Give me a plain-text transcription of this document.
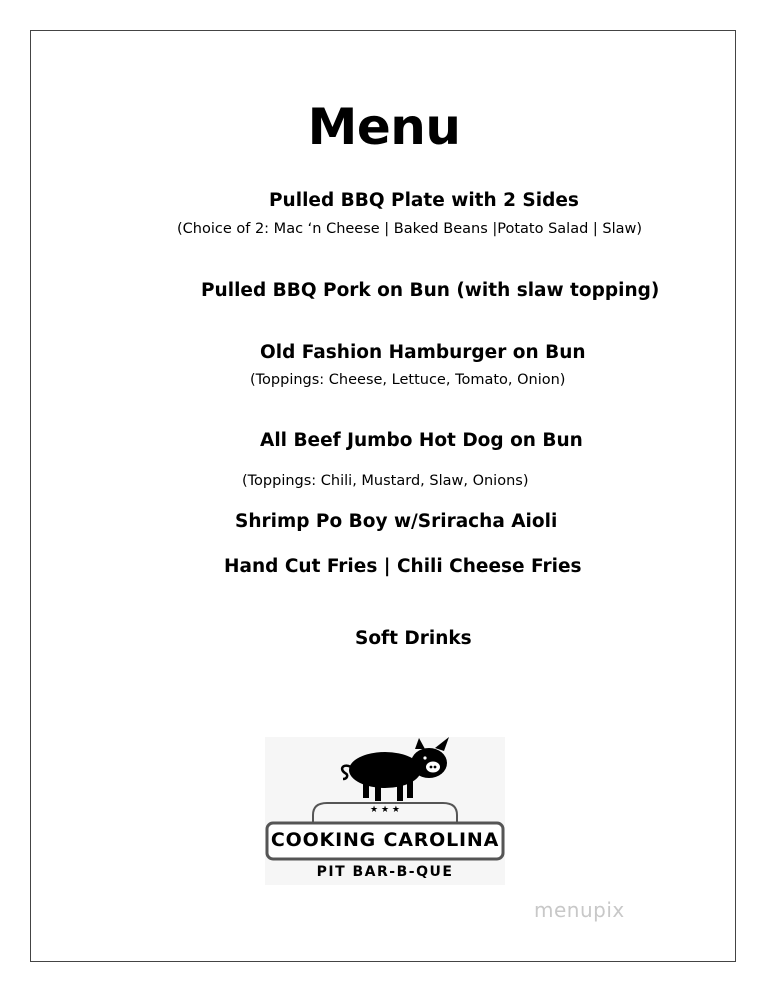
Menu
Pulled BBQ Plate with 2 Sides
(Choice of 2: Mac ‘n Cheese | Baked Beans |Potato Salad | Slaw)
Pulled BBQ Pork on Bun (with slaw topping)
Old Fashion Hamburger on Bun
(Toppings: Cheese, Lettuce, Tomato, Onion)
All Beef Jumbo Hot Dog on Bun
(Toppings: Chili, Mustard, Slaw, Onions)
Shrimp Po Boy w/Sriracha Aioli
Hand Cut Fries | Chili Cheese Fries
Soft Drinks
★ ★ ★
COOKING CAROLINA
PIT BAR-B-QUE
menupix
